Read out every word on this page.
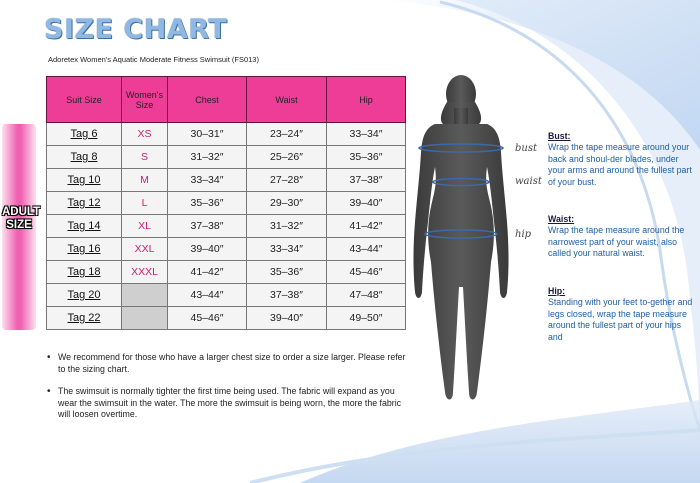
SIZE CHART
Adoretex Women's Aquatic Moderate Fitness Swimsuit (FS013)
ADULT
SIZE
Suit Size	Women's Size	Chest	Waist	Hip
Tag 6	XS	30–31″	23–24″	33–34″
Tag 8	S	31–32″	25–26″	35–36″
Tag 10	M	33–34″	27–28″	37–38″
Tag 12	L	35–36″	29–30″	39–40″
Tag 14	XL	37–38″	31–32″	41–42″
Tag 16	XXL	39–40″	33–34″	43–44″
Tag 18	XXXL	41–42″	35–36″	45–46″
Tag 20		43–44″	37–38″	47–48″
Tag 22		45–46″	39–40″	49–50″
• We recommend for those who have a larger chest size to order a size larger. Please refer to the sizing chart.
• The swimsuit is normally tighter the first time being used. The fabric will expand as you wear the swimsuit in the water. The more the swimsuit is being worn, the more the fabric will loosen overtime.
bust
waist
hip
Bust:

Wrap the tape measure around your back and shoul-der blades, under your arms and around the fullest part of your bust.

Waist:

Wrap the tape measure around the narrowest part of your waist, also called your natural waist.

Hip:

Standing with your feet to-gether and legs closed, wrap the tape measure around the fullest part of your hips and
